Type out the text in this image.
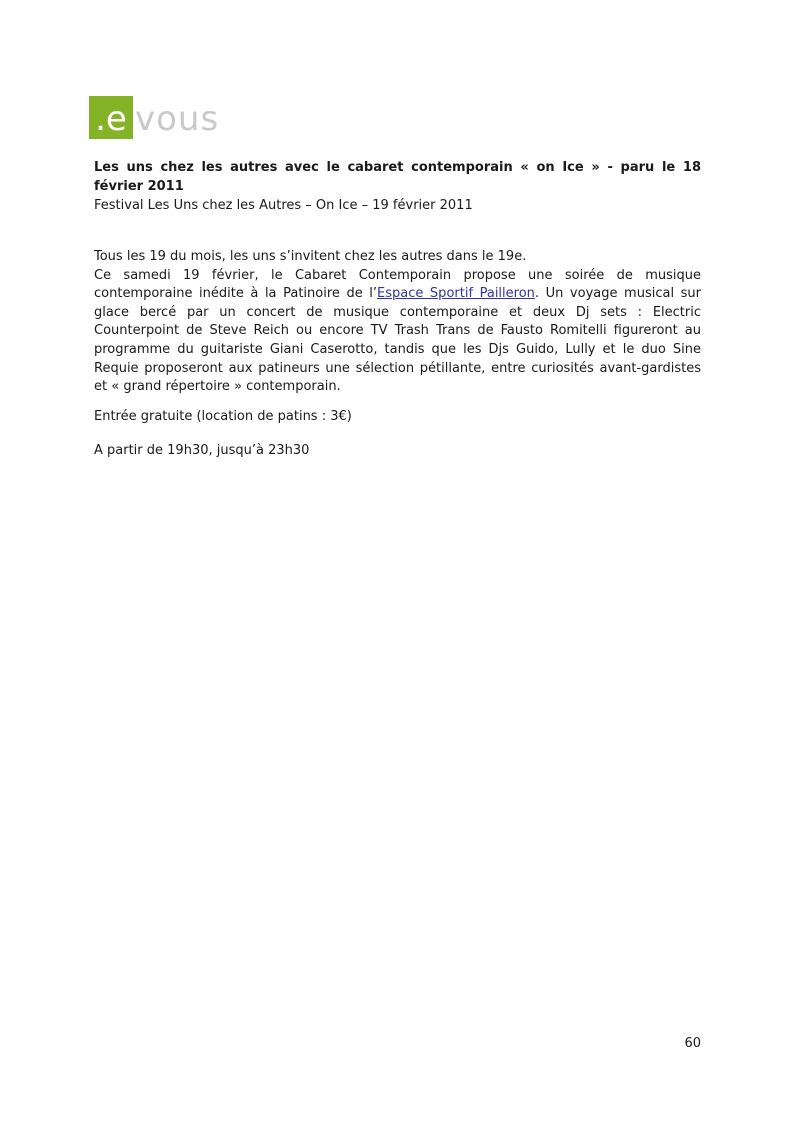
.e vous

Les uns chez les autres avec le cabaret contemporain « on Ice » - paru le 18 février 2011

Festival Les Uns chez les Autres – On Ice – 19 février 2011

Tous les 19 du mois, les uns s’invitent chez les autres dans le 19e.
Ce samedi 19 février, le Cabaret Contemporain propose une soirée de musique contemporaine inédite à la Patinoire de l’Espace Sportif Pailleron. Un voyage musical sur glace bercé par un concert de musique contemporaine et deux Dj sets : Electric Counterpoint de Steve Reich ou encore TV Trash Trans de Fausto Romitelli figureront au programme du guitariste Giani Caserotto, tandis que les Djs Guido, Lully et le duo Sine Requie proposeront aux patineurs une sélection pétillante, entre curiosités avant-gardistes et « grand répertoire » contemporain.

Entrée gratuite (location de patins : 3€)

A partir de 19h30, jusqu’à 23h30

60
